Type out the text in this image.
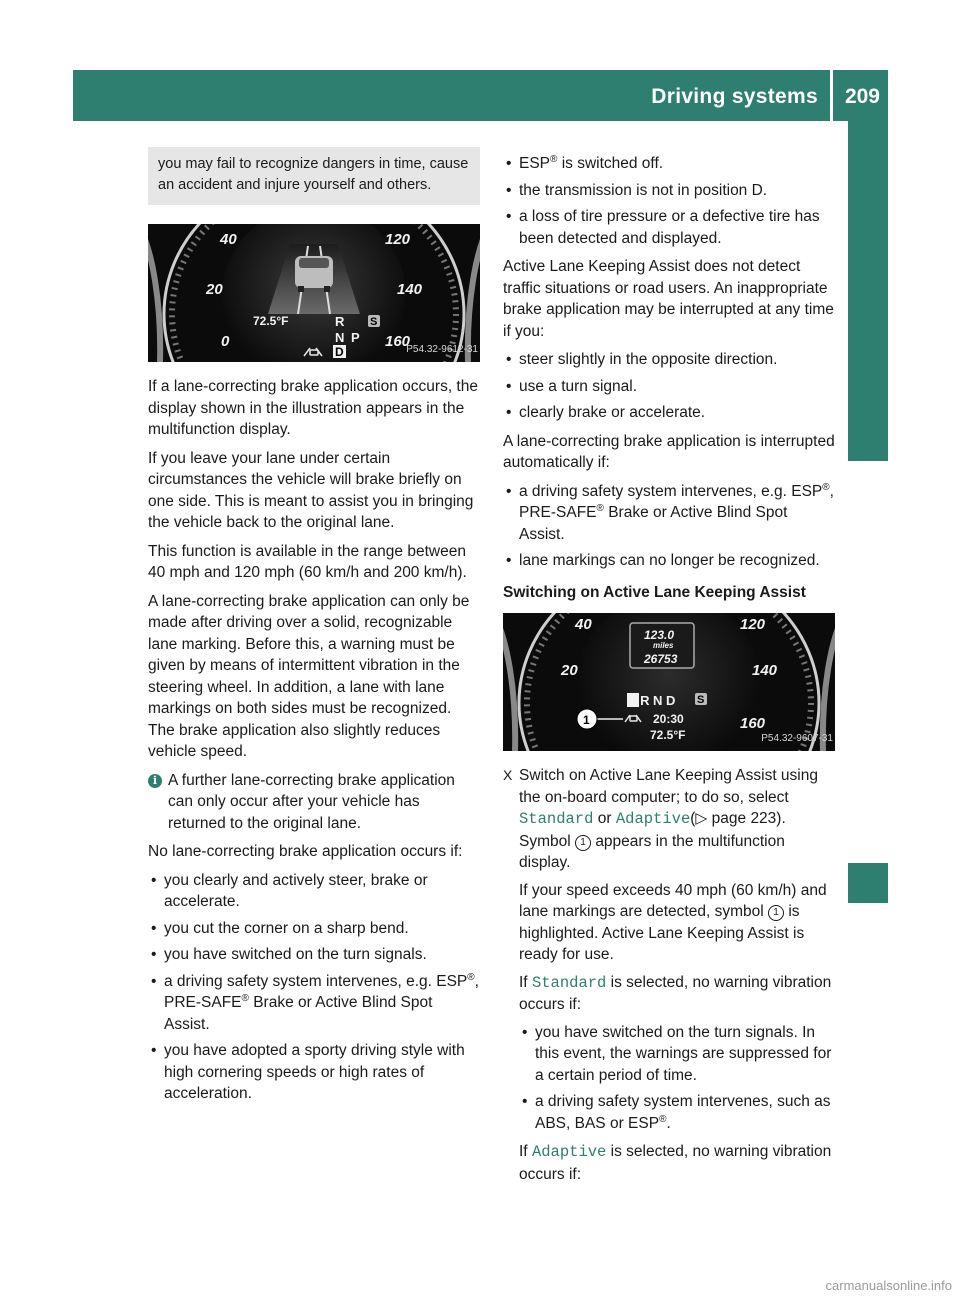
Driving systems 209
Driving and parking
you may fail to recognize dangers in time, cause an accident and injure yourself and others.
40	120
20	140
0	160
72.5°F	R
N P
D
S
P54.32-9612-31

If a lane-correcting brake application occurs, the display shown in the illustration appears in the multifunction display.

If you leave your lane under certain circumstances the vehicle will brake briefly on one side. This is meant to assist you in bringing the vehicle back to the original lane.

This function is available in the range between 40 mph and 120 mph (60 km/h and 200 km/h).

A lane-correcting brake application can only be made after driving over a solid, recognizable lane marking. Before this, a warning must be given by means of intermittent vibration in the steering wheel. In addition, a lane with lane markings on both sides must be recognized. The brake application also slightly reduces vehicle speed.

i A further lane-correcting brake application can only occur after your vehicle has returned to the original lane.

No lane-correcting brake application occurs if:

• you clearly and actively steer, brake or accelerate.
• you cut the corner on a sharp bend.
• you have switched on the turn signals.
• a driving safety system intervenes, e.g. ESP®, PRE-SAFE® Brake or Active Blind Spot Assist.
• you have adopted a sporty driving style with high cornering speeds or high rates of acceleration.
• ESP® is switched off.
• the transmission is not in position D.
• a loss of tire pressure or a defective tire has been detected and displayed.

Active Lane Keeping Assist does not detect traffic situations or road users. An inappropriate brake application may be interrupted at any time if you:

• steer slightly in the opposite direction.
• use a turn signal.
• clearly brake or accelerate.

A lane-correcting brake application is interrupted automatically if:

• a driving safety system intervenes, e.g. ESP®, PRE-SAFE® Brake or Active Blind Spot Assist.
• lane markings can no longer be recognized.
Switching on Active Lane Keeping Assist
40	120
20	140
160
123.0
miles
26753
PRND S
1	20:30
72.5°F	P54.32-9607-31
X Switch on Active Lane Keeping Assist using the on-board computer; to do so, select Standard or Adaptive(▷ page 223). Symbol 1 appears in the multifunction display.

If your speed exceeds 40 mph (60 km/h) and lane markings are detected, symbol 1 is highlighted. Active Lane Keeping Assist is ready for use.

If Standard is selected, no warning vibration occurs if:

• you have switched on the turn signals. In this event, the warnings are suppressed for a certain period of time.
• a driving safety system intervenes, such as ABS, BAS or ESP®.

If Adaptive is selected, no warning vibration occurs if:

carmanualsonline.info
